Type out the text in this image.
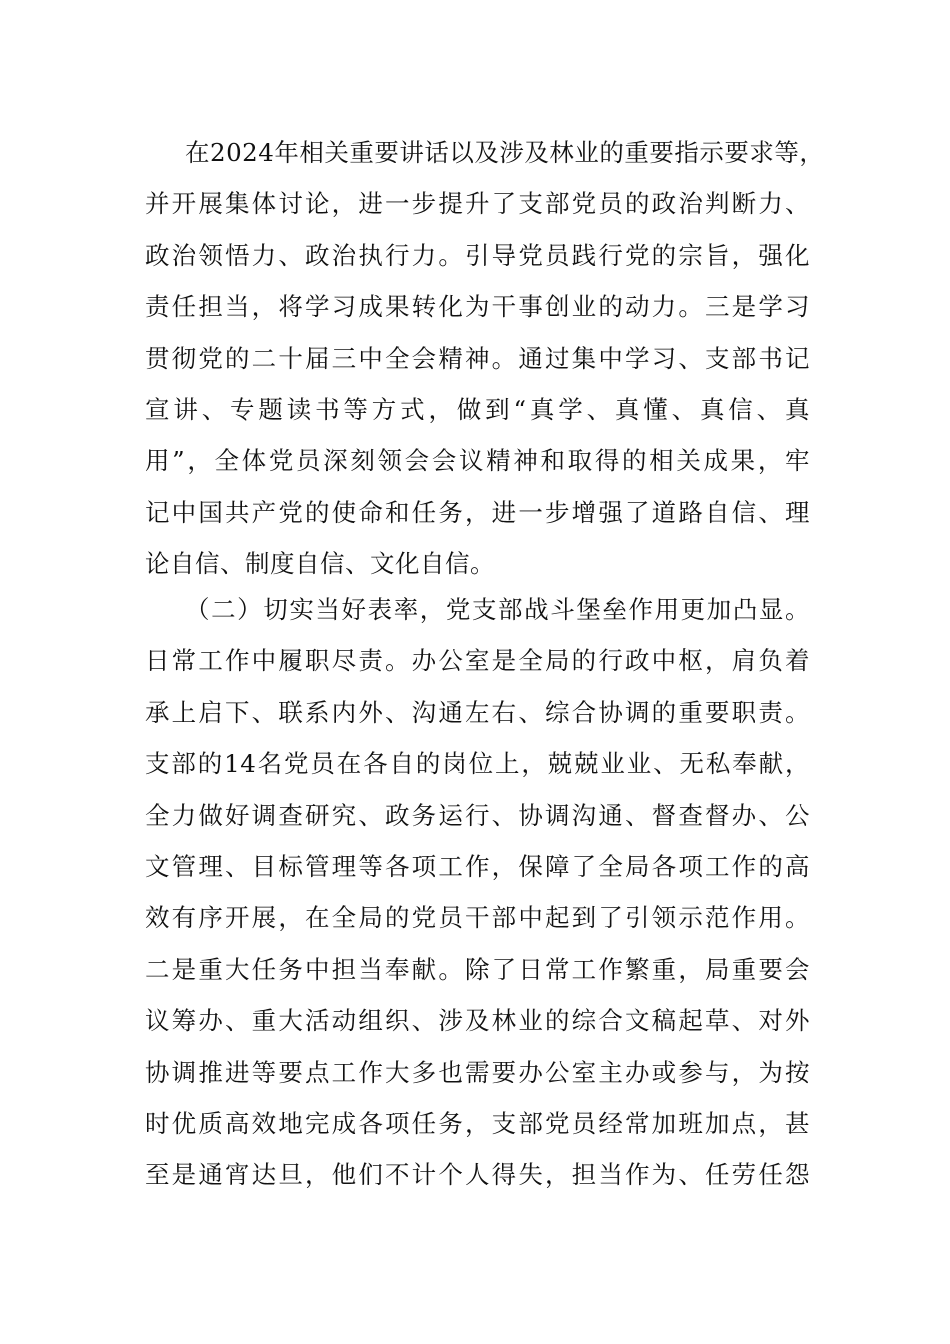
在2024年相关重要讲话以及涉及林业的重要指示要求等，
并开展集体讨论，进一步提升了支部党员的政治判断力、
政治领悟力、政治执行力。引导党员践行党的宗旨，强化
责任担当，将学习成果转化为干事创业的动力。三是学习
贯彻党的二十届三中全会精神。通过集中学习、支部书记
宣讲、专题读书等方式，做到“真学、真懂、真信、真
用”，全体党员深刻领会会议精神和取得的相关成果，牢
记中国共产党的使命和任务，进一步增强了道路自信、理
论自信、制度自信、文化自信。
（二）切实当好表率，党支部战斗堡垒作用更加凸显。
日常工作中履职尽责。办公室是全局的行政中枢，肩负着
承上启下、联系内外、沟通左右、综合协调的重要职责。
支部的14名党员在各自的岗位上，兢兢业业、无私奉献，
全力做好调查研究、政务运行、协调沟通、督查督办、公
文管理、目标管理等各项工作，保障了全局各项工作的高
效有序开展，在全局的党员干部中起到了引领示范作用。
二是重大任务中担当奉献。除了日常工作繁重，局重要会
议筹办、重大活动组织、涉及林业的综合文稿起草、对外
协调推进等要点工作大多也需要办公室主办或参与，为按
时优质高效地完成各项任务，支部党员经常加班加点，甚
至是通宵达旦，他们不计个人得失，担当作为、任劳任怨
